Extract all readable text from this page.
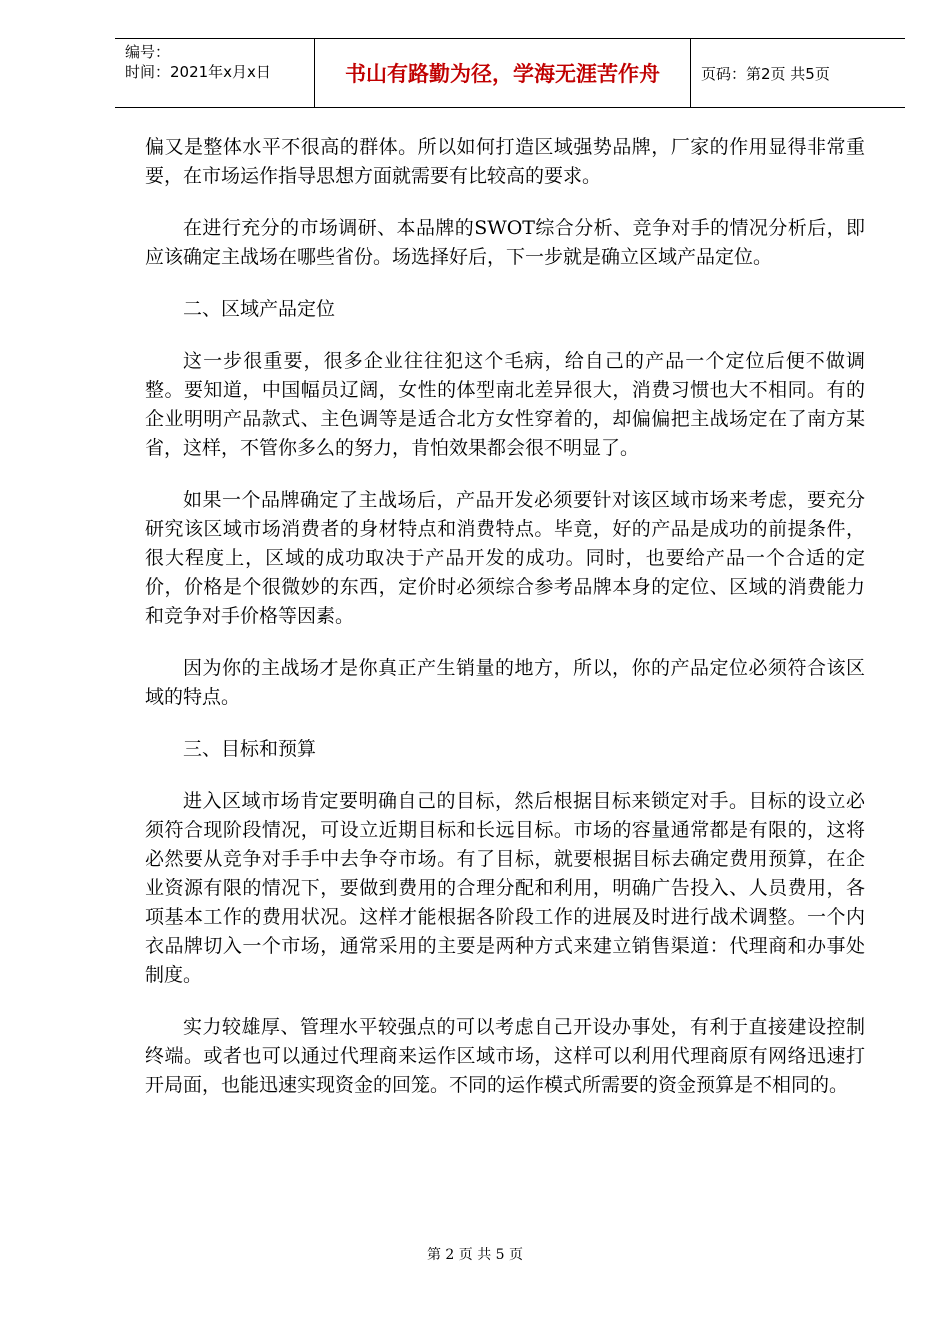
编号：
时间：2021年x月x日	书山有路勤为径，学海无涯苦作舟	页码：第2页 共5页

偏又是整体水平不很高的群体。所以如何打造区域强势品牌，厂家的作用显得非常重要，在市场运作指导思想方面就需要有比较高的要求。

在进行充分的市场调研、本品牌的SWOT综合分析、竞争对手的情况分析后，即应该确定主战场在哪些省份。场选择好后，下一步就是确立区域产品定位。

二、区域产品定位

这一步很重要，很多企业往往犯这个毛病，给自己的产品一个定位后便不做调整。要知道，中国幅员辽阔，女性的体型南北差异很大，消费习惯也大不相同。有的企业明明产品款式、主色调等是适合北方女性穿着的，却偏偏把主战场定在了南方某省，这样，不管你多么的努力，肯怕效果都会很不明显了。

如果一个品牌确定了主战场后，产品开发必须要针对该区域市场来考虑，要充分研究该区域市场消费者的身材特点和消费特点。毕竟，好的产品是成功的前提条件，很大程度上，区域的成功取决于产品开发的成功。同时，也要给产品一个合适的定价，价格是个很微妙的东西，定价时必须综合参考品牌本身的定位、区域的消费能力和竞争对手价格等因素。

因为你的主战场才是你真正产生销量的地方，所以，你的产品定位必须符合该区域的特点。

三、目标和预算

进入区域市场肯定要明确自己的目标，然后根据目标来锁定对手。目标的设立必须符合现阶段情况，可设立近期目标和长远目标。市场的容量通常都是有限的，这将必然要从竞争对手手中去争夺市场。有了目标，就要根据目标去确定费用预算，在企业资源有限的情况下，要做到费用的合理分配和利用，明确广告投入、人员费用，各项基本工作的费用状况。这样才能根据各阶段工作的进展及时进行战术调整。一个内衣品牌切入一个市场，通常采用的主要是两种方式来建立销售渠道：代理商和办事处制度。

实力较雄厚、管理水平较强点的可以考虑自己开设办事处，有利于直接建设控制终端。或者也可以通过代理商来运作区域市场，这样可以利用代理商原有网络迅速打开局面，也能迅速实现资金的回笼。不同的运作模式所需要的资金预算是不相同的。

第 2 页 共 5 页
